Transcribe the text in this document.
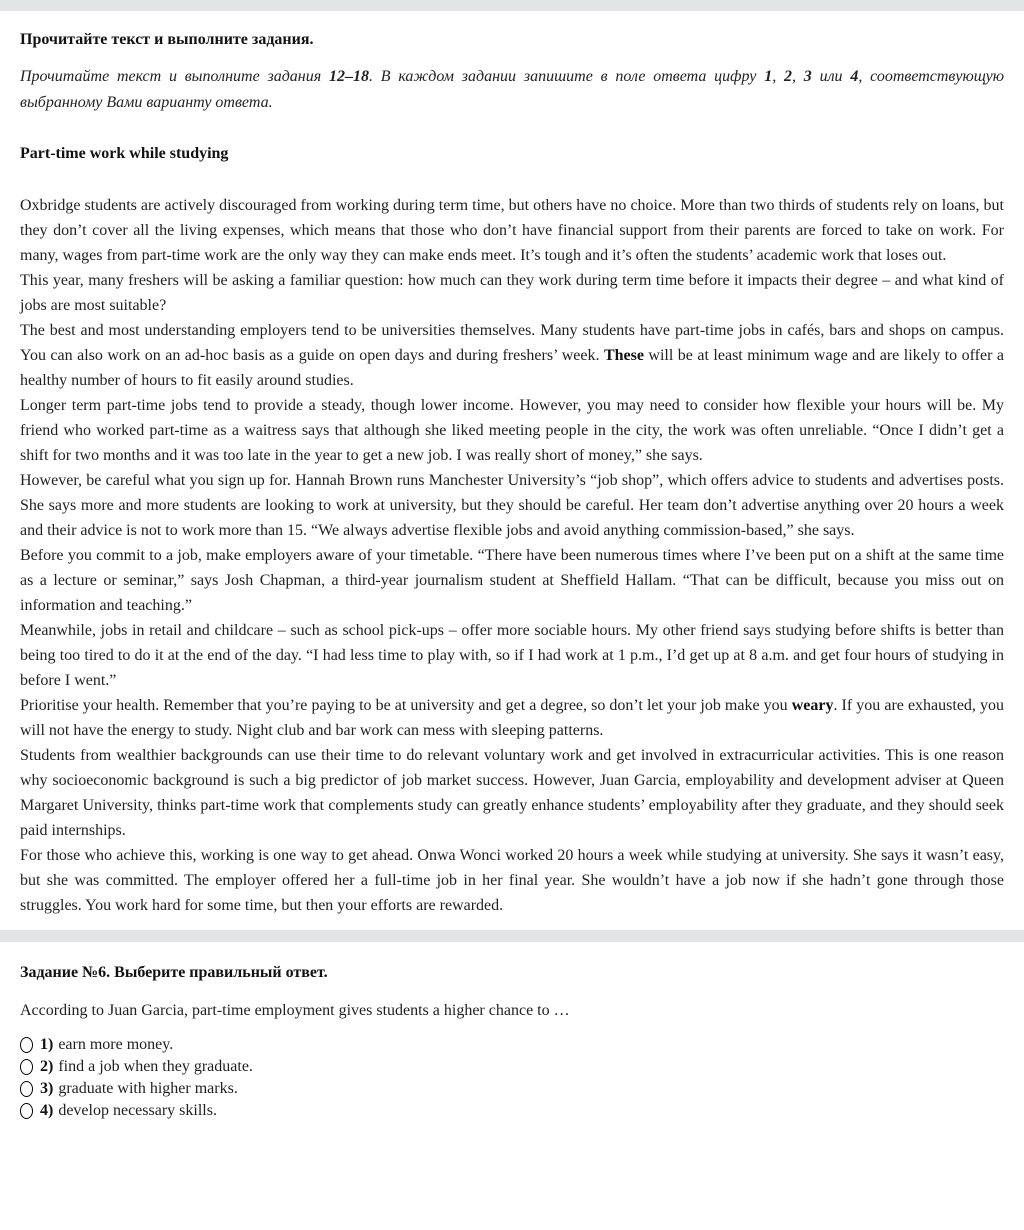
Прочитайте текст и выполните задания.

Прочитайте текст и выполните задания 12–18. В каждом задании запишите в поле ответа цифру 1, 2, 3 или 4, соответствующую выбранному Вами варианту ответа.

Part-time work while studying

Oxbridge students are actively discouraged from working during term time, but others have no choice. More than two thirds of students rely on loans, but they don’t cover all the living expenses, which means that those who don’t have financial support from their parents are forced to take on work. For many, wages from part-time work are the only way they can make ends meet. It’s tough and it’s often the students’ academic work that loses out.

This year, many freshers will be asking a familiar question: how much can they work during term time before it impacts their degree – and what kind of jobs are most suitable?

The best and most understanding employers tend to be universities themselves. Many students have part-time jobs in cafés, bars and shops on campus. You can also work on an ad-hoc basis as a guide on open days and during freshers’ week. These will be at least minimum wage and are likely to offer a healthy number of hours to fit easily around studies.

Longer term part-time jobs tend to provide a steady, though lower income. However, you may need to consider how flexible your hours will be. My friend who worked part-time as a waitress says that although she liked meeting people in the city, the work was often unreliable. “Once I didn’t get a shift for two months and it was too late in the year to get a new job. I was really short of money,” she says.

However, be careful what you sign up for. Hannah Brown runs Manchester University’s “job shop”, which offers advice to students and advertises posts. She says more and more students are looking to work at university, but they should be careful. Her team don’t advertise anything over 20 hours a week and their advice is not to work more than 15. “We always advertise flexible jobs and avoid anything commission-based,” she says.

Before you commit to a job, make employers aware of your timetable. “There have been numerous times where I’ve been put on a shift at the same time as a lecture or seminar,” says Josh Chapman, a third-year journalism student at Sheffield Hallam. “That can be difficult, because you miss out on information and teaching.”

Meanwhile, jobs in retail and childcare – such as school pick-ups – offer more sociable hours. My other friend says studying before shifts is better than being too tired to do it at the end of the day. “I had less time to play with, so if I had work at 1 p.m., I’d get up at 8 a.m. and get four hours of studying in before I went.”

Prioritise your health. Remember that you’re paying to be at university and get a degree, so don’t let your job make you weary. If you are exhausted, you will not have the energy to study. Night club and bar work can mess with sleeping patterns.

Students from wealthier backgrounds can use their time to do relevant voluntary work and get involved in extracurricular activities. This is one reason why socioeconomic background is such a big predictor of job market success. However, Juan Garcia, employability and development adviser at Queen Margaret University, thinks part-time work that complements study can greatly enhance students’ employability after they graduate, and they should seek paid internships.

For those who achieve this, working is one way to get ahead. Onwa Wonci worked 20 hours a week while studying at university. She says it wasn’t easy, but she was committed. The employer offered her a full-time job in her final year. She wouldn’t have a job now if she hadn’t gone through those struggles. You work hard for some time, but then your efforts are rewarded.

Задание №6. Выберите правильный ответ.

According to Juan Garcia, part-time employment gives students a higher chance to …

1) earn more money.
2) find a job when they graduate.
3) graduate with higher marks.
4) develop necessary skills.
